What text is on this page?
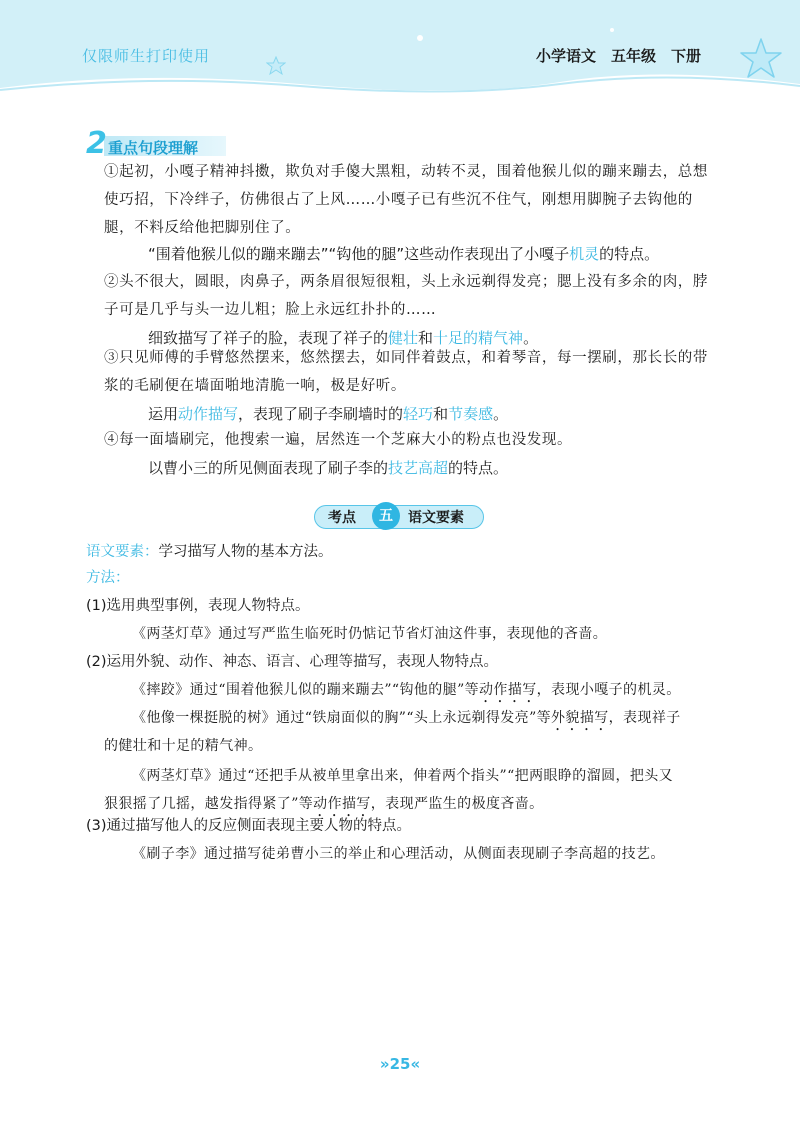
仅限师生打印使用	小学语文　五年级　下册
2 重点句段理解
①起初，小嘎子精神抖擞，欺负对手傻大黑粗，动转不灵，围着他猴儿似的蹦来蹦去，总想使巧招，下冷绊子，仿佛很占了上风……小嘎子已有些沉不住气，刚想用脚腕子去钩他的腿，不料反给他把脚别住了。
“围着他猴儿似的蹦来蹦去”“钩他的腿”这些动作表现出了小嘎子机灵的特点。
②头不很大，圆眼，肉鼻子，两条眉很短很粗，头上永远剃得发亮；腮上没有多余的肉，脖子可是几乎与头一边儿粗；脸上永远红扑扑的……
细致描写了祥子的脸，表现了祥子的健壮和十足的精气神。
③只见师傅的手臂悠然摆来，悠然摆去，如同伴着鼓点，和着琴音，每一摆刷，那长长的带浆的毛刷便在墙面啪地清脆一响，极是好听。
运用动作描写，表现了刷子李刷墙时的轻巧和节奏感。
④每一面墙刷完，他搜索一遍，居然连一个芝麻大小的粉点也没发现。
以曹小三的所见侧面表现了刷子李的技艺高超的特点。
考点	五	语文要素
语文要素：学习描写人物的基本方法。
方法：
(1)选用典型事例，表现人物特点。
《两茎灯草》通过写严监生临死时仍惦记节省灯油这件事，表现他的吝啬。
(2)运用外貌、动作、神态、语言、心理等描写，表现人物特点。
《摔跤》通过“围着他猴儿似的蹦来蹦去”“钩他的腿”等动作描写，表现小嘎子的机灵。
《他像一棵挺脱的树》通过“铁扇面似的胸”“头上永远剃得发亮”等外貌描写，表现祥子
的健壮和十足的精气神。
《两茎灯草》通过“还把手从被单里拿出来，伸着两个指头”“把两眼睁的溜圆，把头又
狠狠摇了几摇，越发指得紧了”等动作描写，表现严监生的极度吝啬。
(3)通过描写他人的反应侧面表现主要人物的特点。
《刷子李》通过描写徒弟曹小三的举止和心理活动，从侧面表现刷子李高超的技艺。
»25«
